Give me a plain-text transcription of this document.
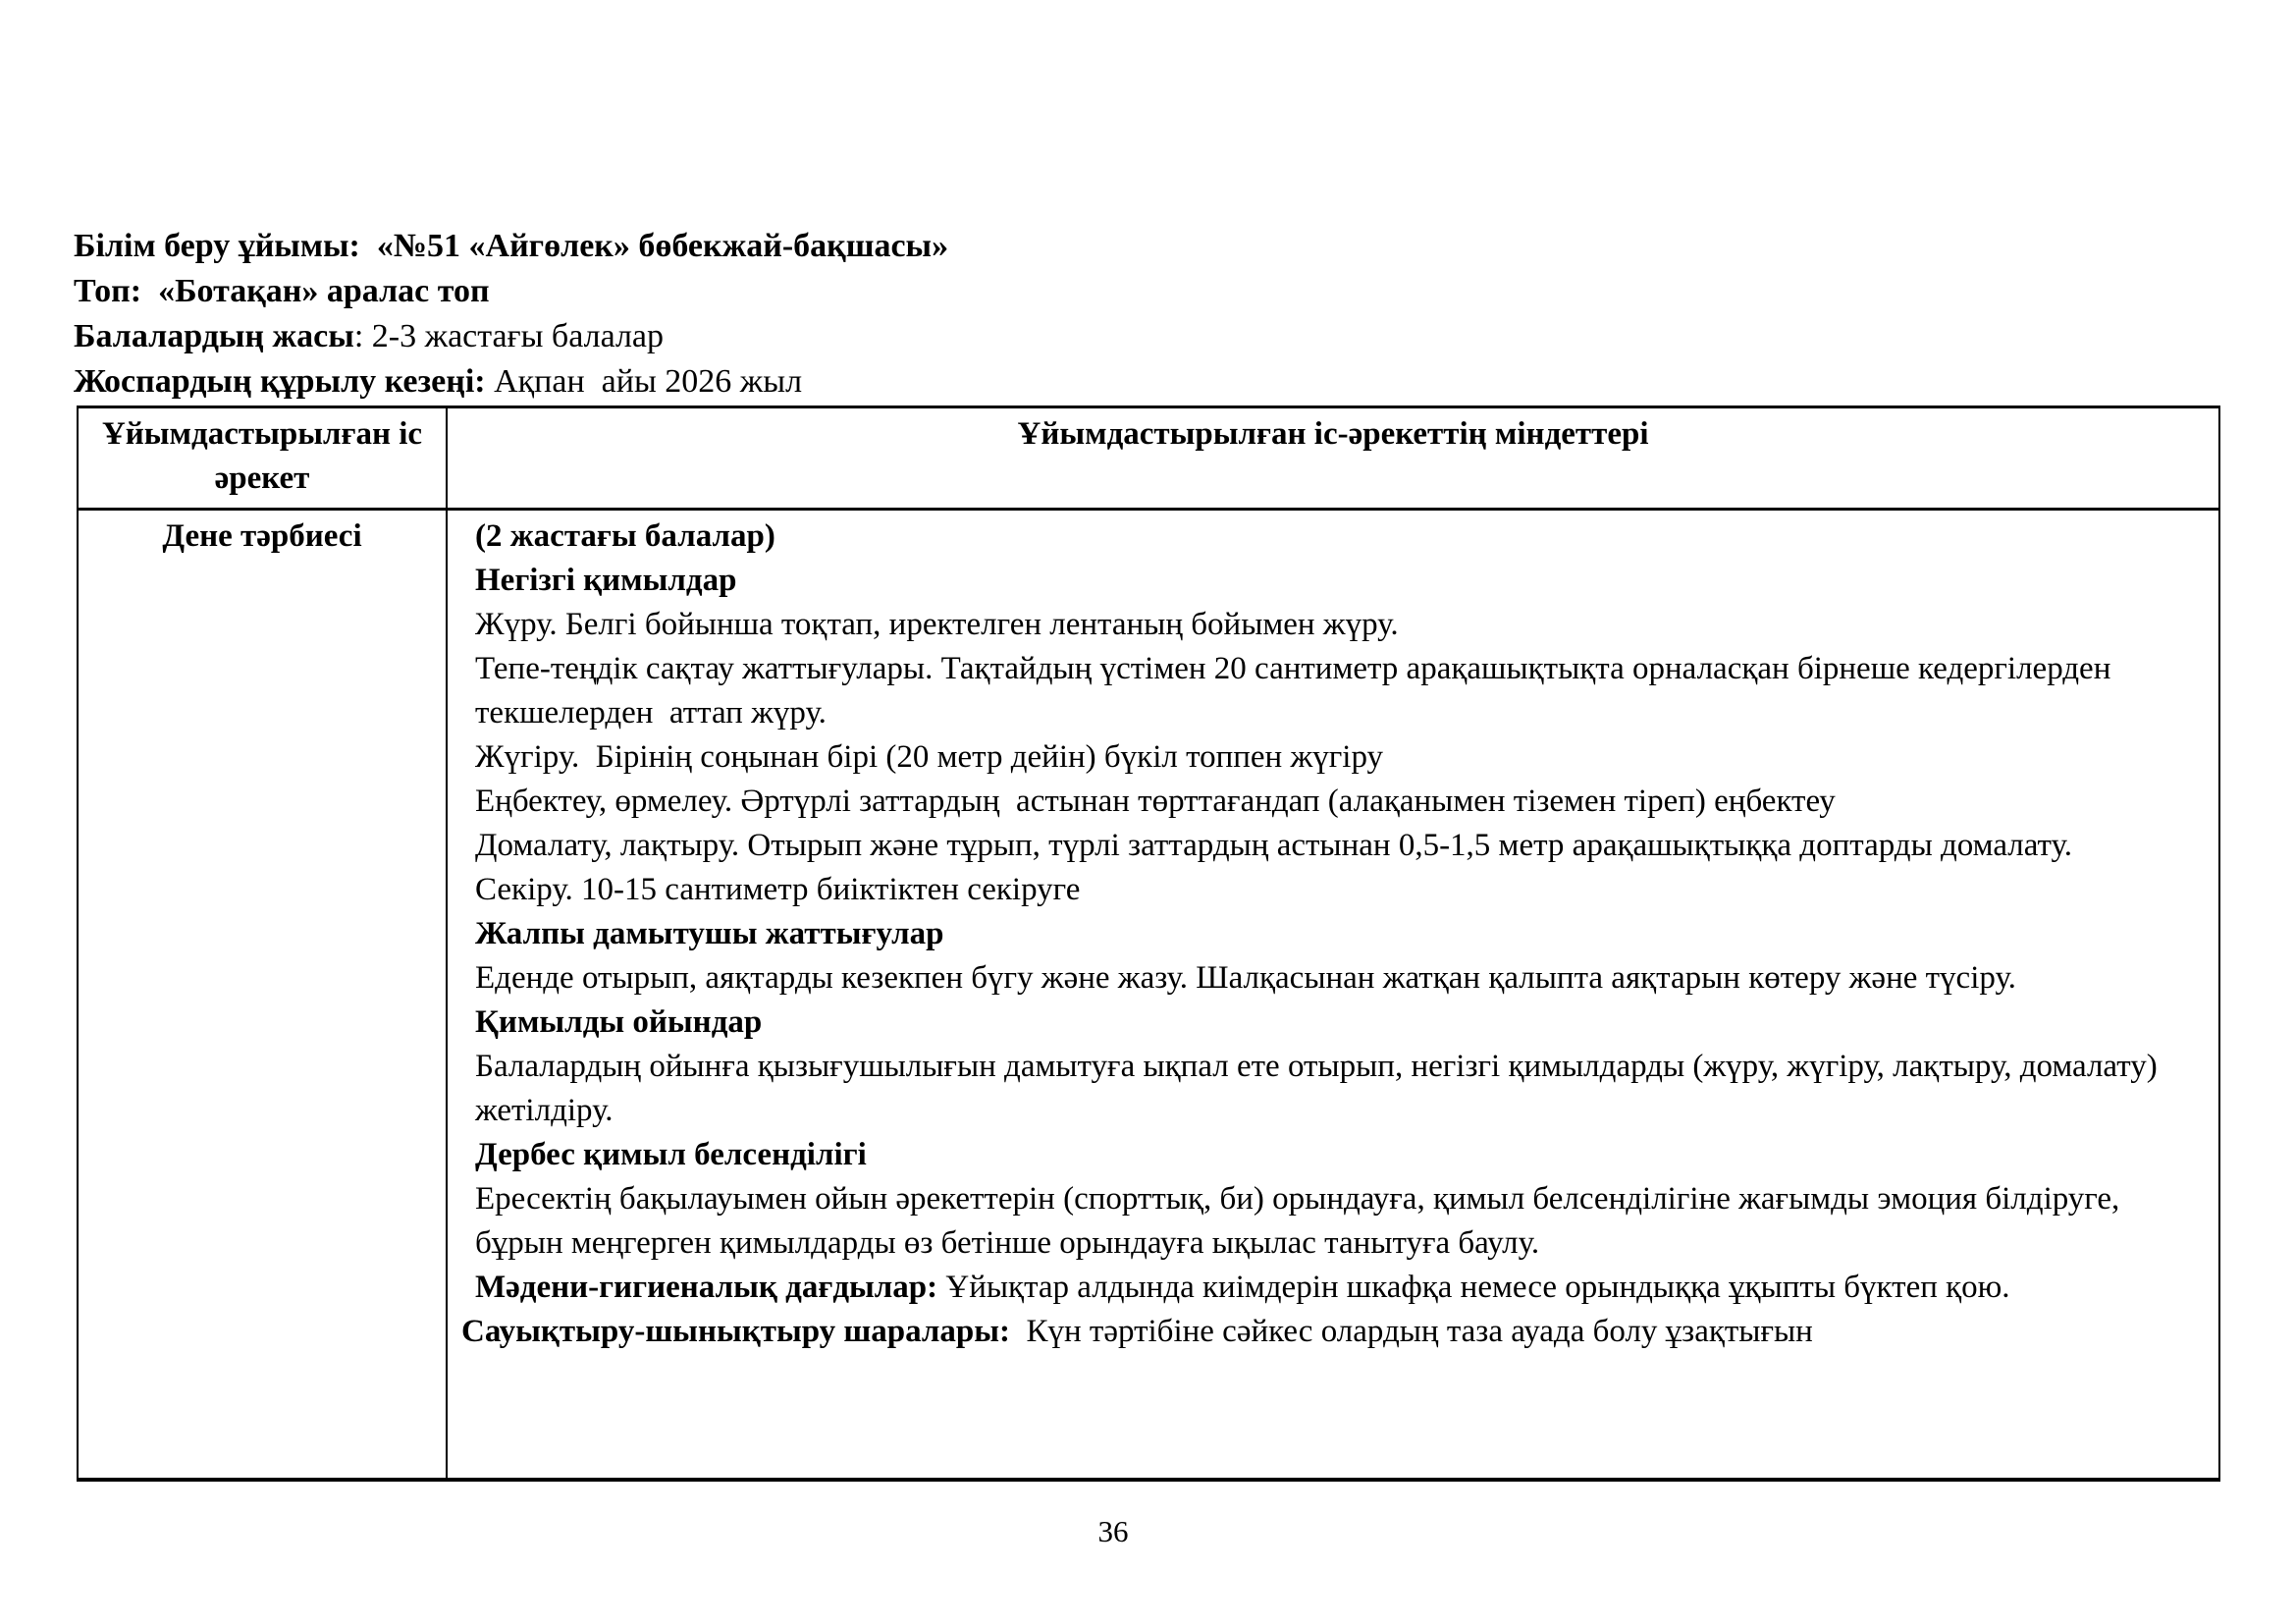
Білім беру ұйымы:  «№51 «Айгөлек» бөбекжай-бақшасы»
Топ:  «Ботақан» аралас топ
Балалардың жасы: 2-3 жастағы балалар
Жоспардың құрылу кезеңі: Ақпан  айы 2026 жыл
Ұйымдастырылған іс әрекет
Ұйымдастырылған іс-әрекеттің міндеттері
Дене тәрбиесі	(2 жастағы балалар)
Негізгі қимылдар
Жүру. Белгі бойынша тоқтап, иректелген лентаның бойымен жүру.
Тепе-теңдік сақтау жаттығулары. Тақтайдың үстімен 20 сантиметр арақашықтықта орналасқан бірнеше кедергілерден текшелерден  аттап жүру.
Жүгіру.  Бірінің соңынан бірі (20 метр дейін) бүкіл топпен жүгіру
Еңбектеу, өрмелеу. Әртүрлі заттардың  астынан төрттағандап (алақанымен тіземен тіреп) еңбектеу
Домалату, лақтыру. Отырып және тұрып, түрлі заттардың астынан 0,5-1,5 метр арақашықтыққа доптарды домалату.
Секіру. 10-15 сантиметр биіктіктен секіруге
Жалпы дамытушы жаттығулар
Еденде отырып, аяқтарды кезекпен бүгу және жазу. Шалқасынан жатқан қалыпта аяқтарын көтеру және түсіру.
Қимылды ойындар
Балалардың ойынға қызығушылығын дамытуға ықпал ете отырып, негізгі қимылдарды (жүру, жүгіру, лақтыру, домалату) жетілдіру.
Дербес қимыл белсенділігі
Ересектің бақылауымен ойын әрекеттерін (спорттық, би) орындауға, қимыл белсенділігіне жағымды эмоция білдіруге, бұрын меңгерген қимылдарды өз бетінше орындауға ықылас танытуға баулу.
Мәдени-гигиеналық дағдылар: Ұйықтар алдында киімдерін шкафқа немесе орындыққа ұқыпты бүктеп қою.
Сауықтыру-шынықтыру шаралары:  Күн тәртібіне сәйкес олардың таза ауада болу ұзақтығын
36
